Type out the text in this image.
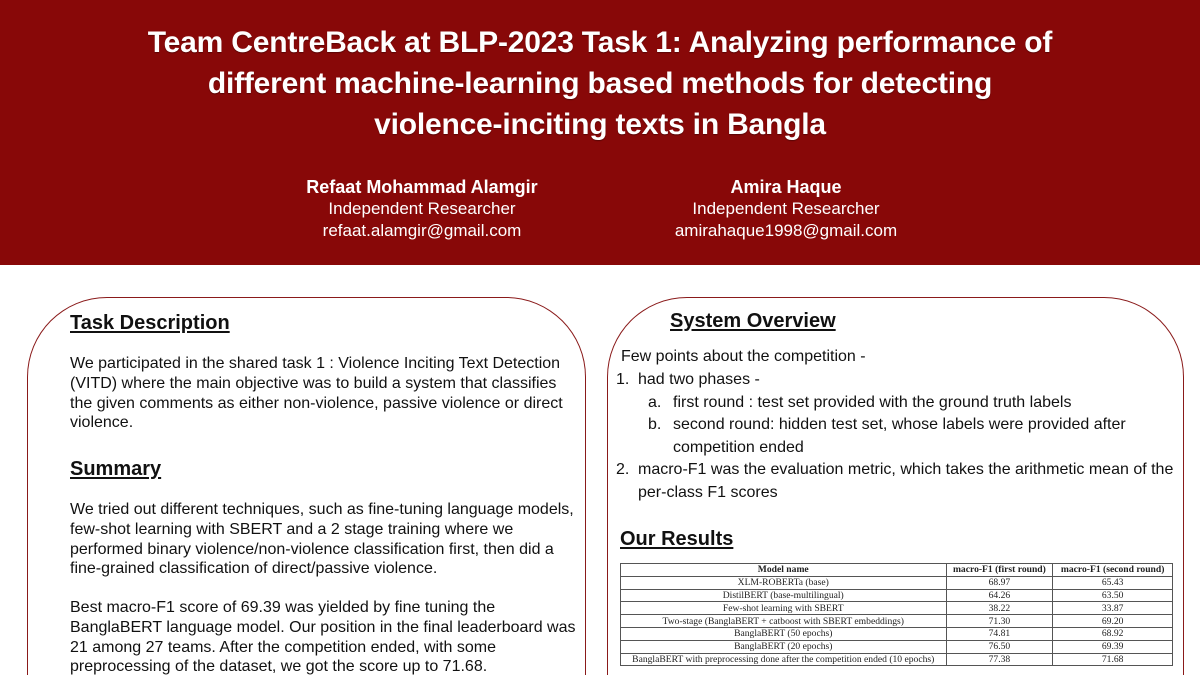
Team CentreBack at BLP-2023 Task 1: Analyzing performance of
different machine-learning based methods for detecting
violence-inciting texts in Bangla
Refaat Mohammad Alamgir
Independent Researcher
refaat.alamgir@gmail.com
Amira Haque
Independent Researcher
amirahaque1998@gmail.com
Task Description
We participated in the shared task 1 : Violence Inciting Text Detection (VITD) where the main objective was to build a system that classifies the given comments as either non-violence, passive violence or direct violence.
Summary
We tried out different techniques, such as fine-tuning language models, few-shot learning with SBERT and a 2 stage training where we performed binary violence/non-violence classification first, then did a fine-grained classification of direct/passive violence.
Best macro-F1 score of 69.39 was yielded by fine tuning the BanglaBERT language model. Our position in the final leaderboard was 21 among 27 teams. After the competition ended, with some preprocessing of the dataset, we got the score up to 71.68.
System Overview
Few points about the competition -
1. had two phases -
a. first round : test set provided with the ground truth labels
b. second round: hidden test set, whose labels were provided after competition ended
2. macro-F1 was the evaluation metric, which takes the arithmetic mean of the per-class F1 scores
Our Results
Model name	macro-F1 (first round)	macro-F1 (second round)
XLM-ROBERTa (base)	68.97	65.43
DistilBERT (base-multilingual)	64.26	63.50
Few-shot learning with SBERT	38.22	33.87
Two-stage (BanglaBERT + catboost with SBERT embeddings)	71.30	69.20
BanglaBERT (50 epochs)	74.81	68.92
BanglaBERT (20 epochs)	76.50	69.39
BanglaBERT with preprocessing done after the competition ended (10 epochs)	77.38	71.68
